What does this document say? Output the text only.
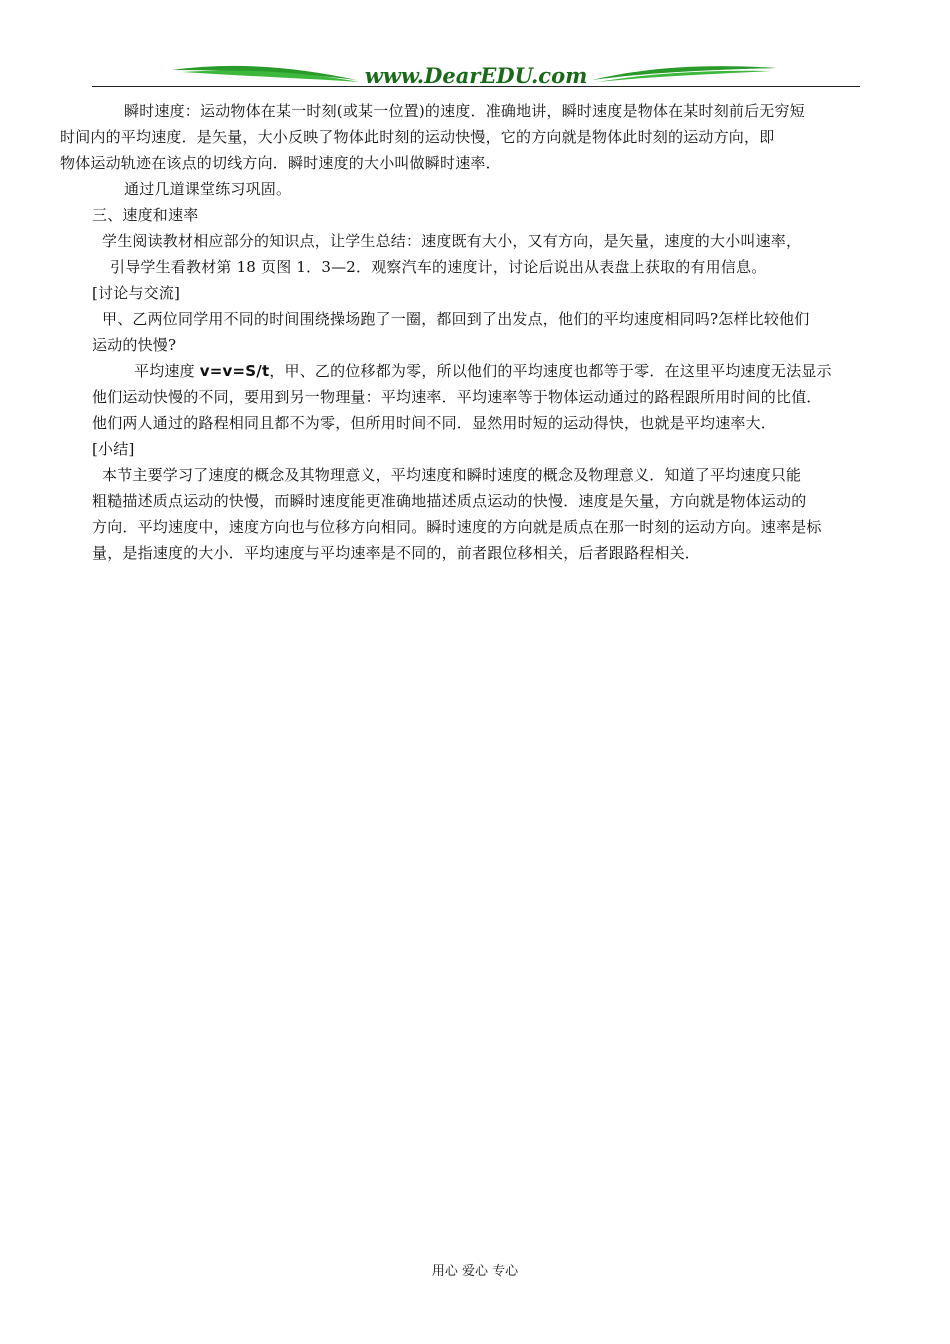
www.DearEDU.com
瞬时速度：运动物体在某一时刻(或某一位置)的速度．准确地讲，瞬时速度是物体在某时刻前后无穷短
时间内的平均速度．是矢量，大小反映了物体此时刻的运动快慢，它的方向就是物体此时刻的运动方向，即
物体运动轨迹在该点的切线方向．瞬时速度的大小叫做瞬时速率．
通过几道课堂练习巩固。
三、速度和速率
学生阅读教材相应部分的知识点，让学生总结：速度既有大小，又有方向，是矢量，速度的大小叫速率，
引导学生看教材第 18 页图 1．3—2．观察汽车的速度计，讨论后说出从表盘上获取的有用信息。
[讨论与交流]
甲、乙两位同学用不同的时间围绕操场跑了一圈，都回到了出发点，他们的平均速度相同吗?怎样比较他们
运动的快慢?
平均速度 v=v=S/t，甲、乙的位移都为零，所以他们的平均速度也都等于零．在这里平均速度无法显示
他们运动快慢的不同，要用到另一物理量：平均速率．平均速率等于物体运动通过的路程跟所用时间的比值．
他们两人通过的路程相同且都不为零，但所用时间不同．显然用时短的运动得快，也就是平均速率大．
[小结]
本节主要学习了速度的概念及其物理意义，平均速度和瞬时速度的概念及物理意义．知道了平均速度只能
粗糙描述质点运动的快慢，而瞬时速度能更准确地描述质点运动的快慢．速度是矢量，方向就是物体运动的
方向．平均速度中，速度方向也与位移方向相同。瞬时速度的方向就是质点在那一时刻的运动方向。速率是标
量，是指速度的大小．平均速度与平均速率是不同的，前者跟位移相关，后者跟路程相关．
用心 爱心 专心
